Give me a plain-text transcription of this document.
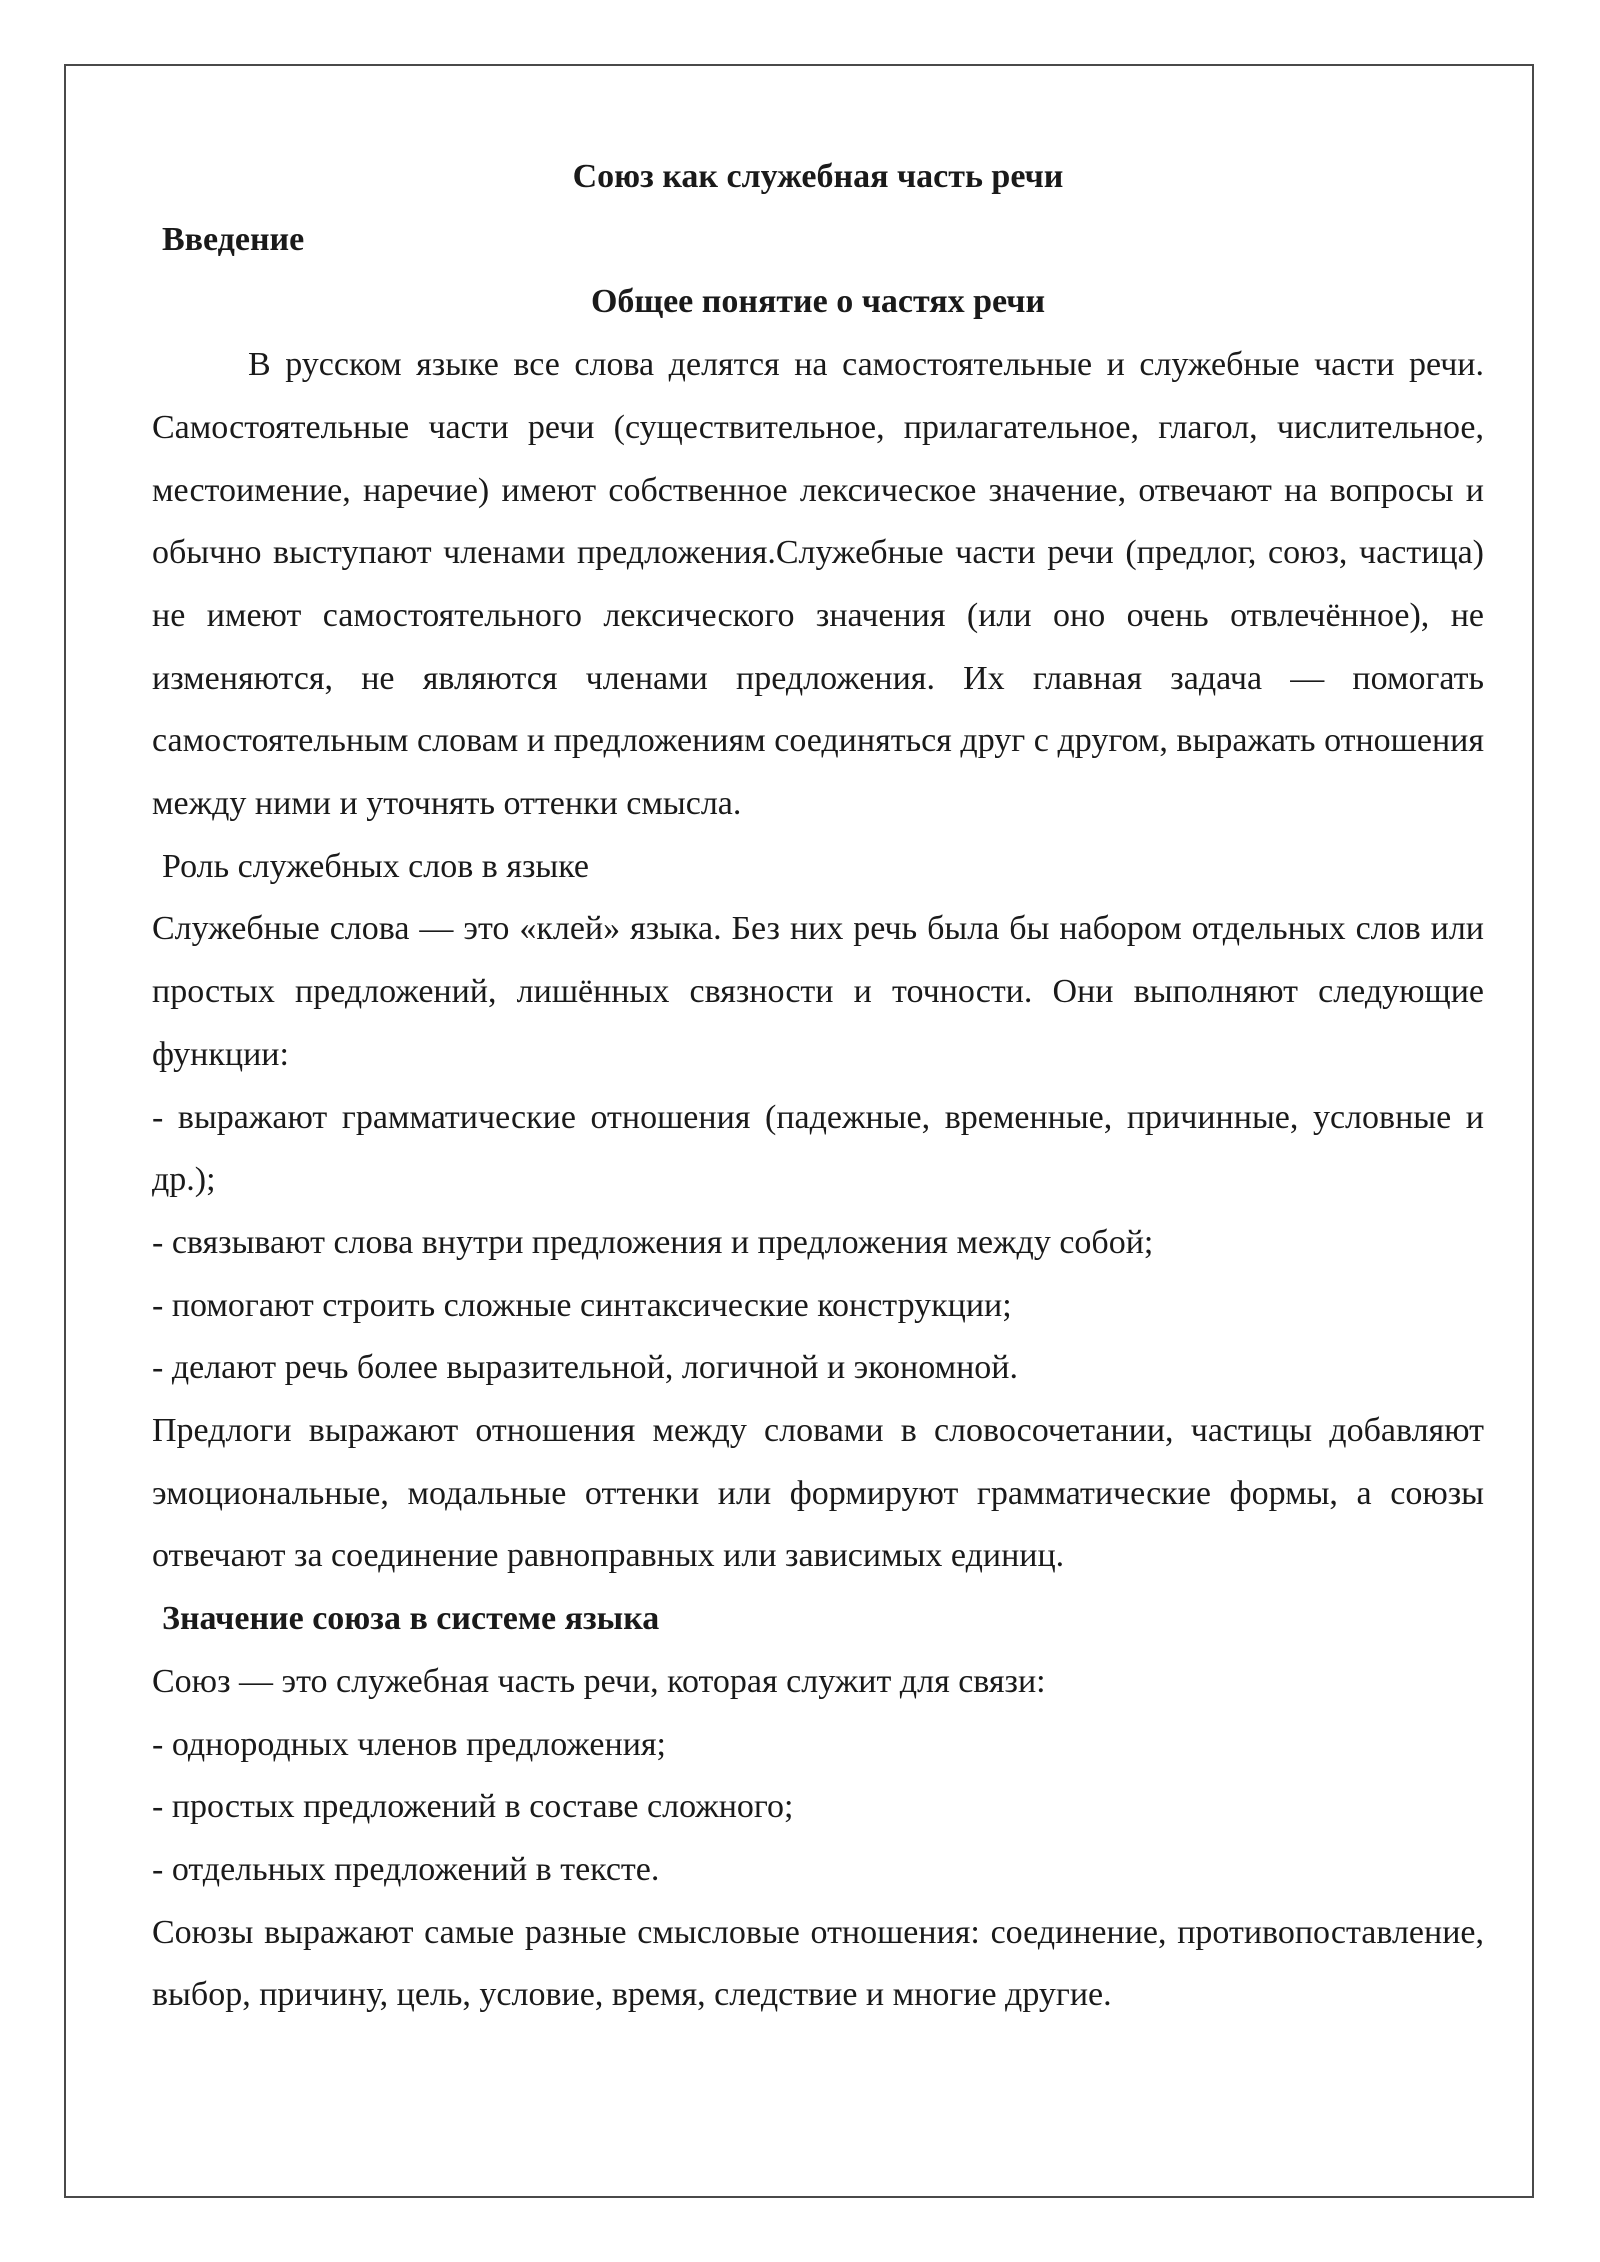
Союз как служебная часть речи

Введение

Общее понятие о частях речи

В русском языке все слова делятся на самостоятельные и служебные части речи. Самостоятельные части речи (существительное, прилагательное, глагол, числительное, местоимение, наречие) имеют собственное лексическое значение, отвечают на вопросы и обычно выступают членами предложения.Служебные части речи (предлог, союз, частица) не имеют самостоятельного лексического значения (или оно очень отвлечённое), не изменяются, не являются членами предложения. Их главная задача — помогать самостоятельным словам и предложениям соединяться друг с другом, выражать отношения между ними и уточнять оттенки смысла.

Роль служебных слов в языке

Служебные слова — это «клей» языка. Без них речь была бы набором отдельных слов или простых предложений, лишённых связности и точности. Они выполняют следующие функции:

- выражают грамматические отношения (падежные, временные, причинные, условные и др.);

- связывают слова внутри предложения и предложения между собой;

- помогают строить сложные синтаксические конструкции;

- делают речь более выразительной, логичной и экономной.

Предлоги выражают отношения между словами в словосочетании, частицы добавляют эмоциональные, модальные оттенки или формируют грамматические формы, а союзы отвечают за соединение равноправных или зависимых единиц.

Значение союза в системе языка

Союз — это служебная часть речи, которая служит для связи:

- однородных членов предложения;

- простых предложений в составе сложного;

- отдельных предложений в тексте.

Союзы выражают самые разные смысловые отношения: соединение, противопоставление, выбор, причину, цель, условие, время, следствие и многие другие.
